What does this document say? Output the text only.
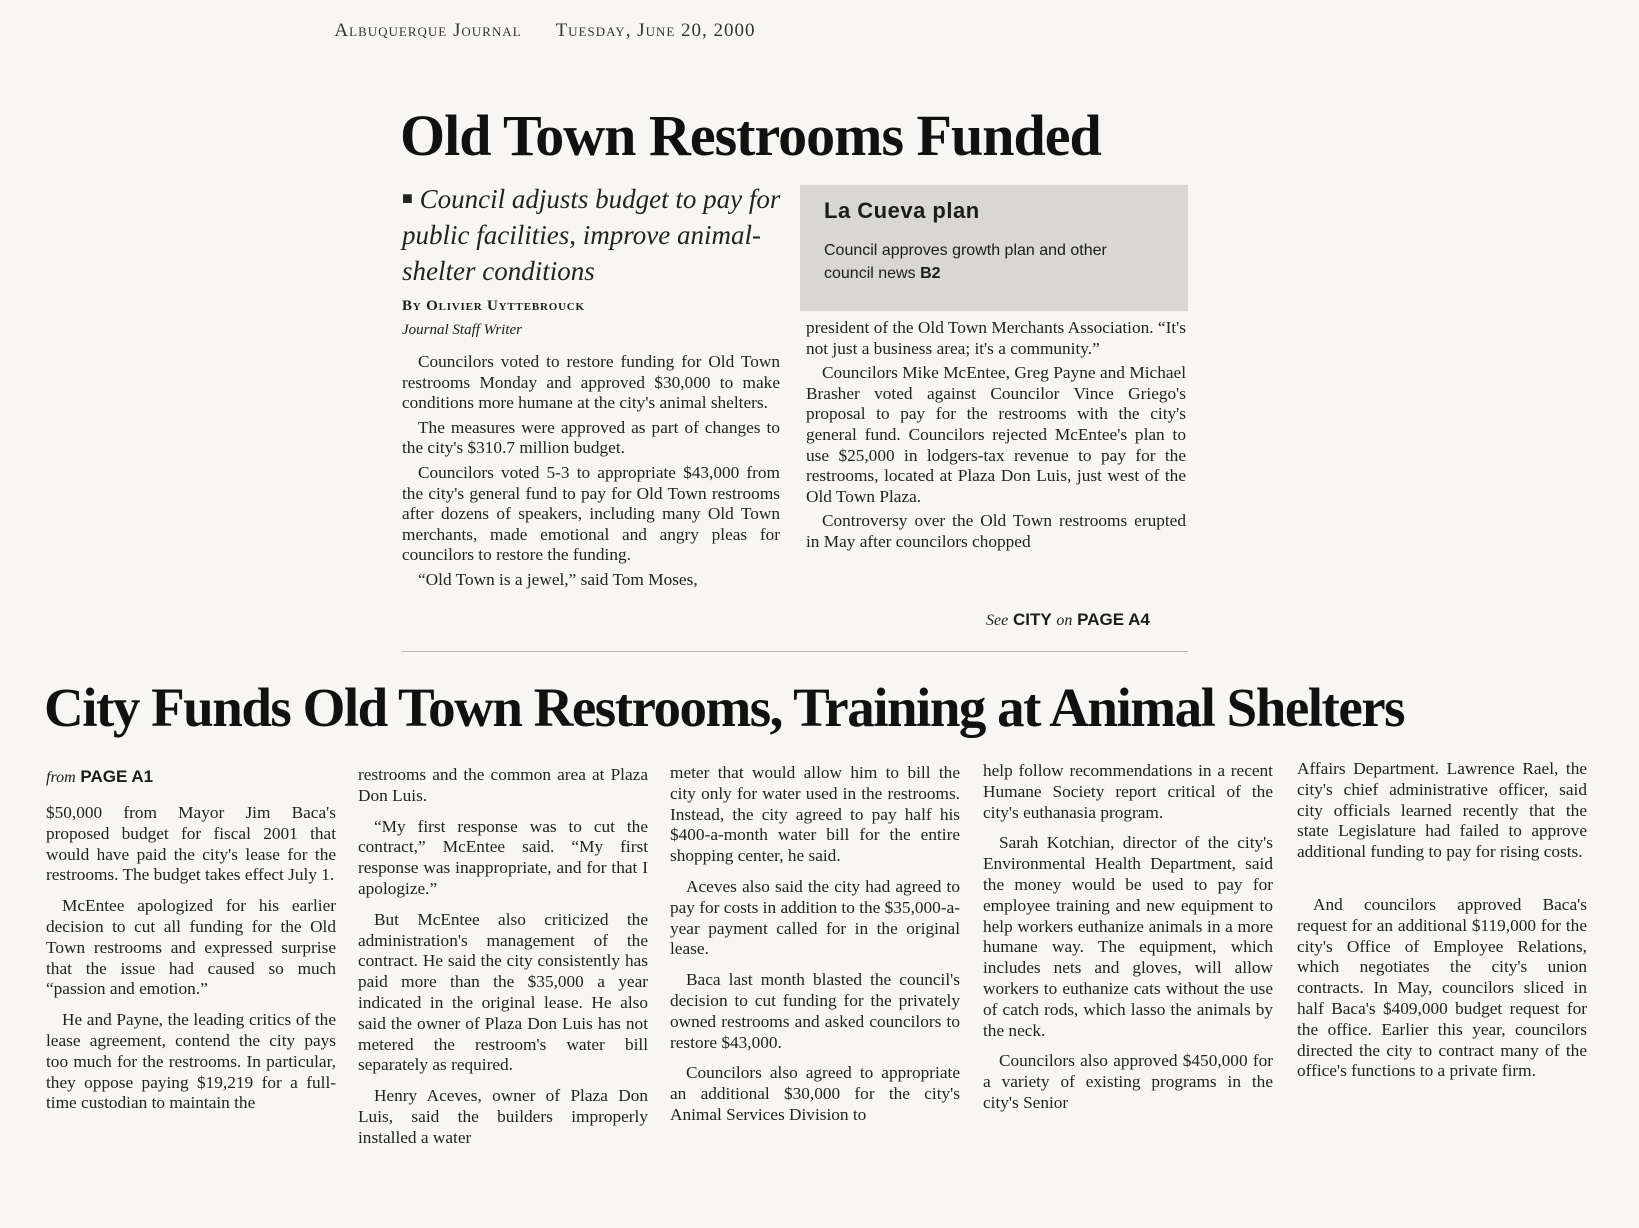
Albuquerque Journal Tuesday, June 20, 2000
Old Town Restrooms Funded
■ Council adjusts budget to pay for public facilities, improve animal-shelter conditions
By Olivier Uyttebrouck
Journal Staff Writer

Councilors voted to restore funding for Old Town restrooms Monday and approved $30,000 to make conditions more humane at the city's animal shelters.

The measures were approved as part of changes to the city's $310.7 million budget.

Councilors voted 5-3 to appropriate $43,000 from the city's general fund to pay for Old Town restrooms after dozens of speakers, including many Old Town merchants, made emotional and angry pleas for councilors to restore the funding.

“Old Town is a jewel,” said Tom Moses,

La Cueva plan
Council approves growth plan and other council news B2

president of the Old Town Merchants Association. “It's not just a business area; it's a community.”

Councilors Mike McEntee, Greg Payne and Michael Brasher voted against Councilor Vince Griego's proposal to pay for the restrooms with the city's general fund. Councilors rejected McEntee's plan to use $25,000 in lodgers-tax revenue to pay for the restrooms, located at Plaza Don Luis, just west of the Old Town Plaza.

Controversy over the Old Town restrooms erupted in May after councilors chopped

See CITY on PAGE A4
City Funds Old Town Restrooms, Training at Animal Shelters
from PAGE A1

$50,000 from Mayor Jim Baca's proposed budget for fiscal 2001 that would have paid the city's lease for the restrooms. The budget takes effect July 1.

McEntee apologized for his earlier decision to cut all funding for the Old Town restrooms and expressed surprise that the issue had caused so much “passion and emotion.”

He and Payne, the leading critics of the lease agreement, contend the city pays too much for the restrooms. In particular, they oppose paying $19,219 for a full-time custodian to maintain the

restrooms and the common area at Plaza Don Luis.

“My first response was to cut the contract,” McEntee said. “My first response was inappropriate, and for that I apologize.”

But McEntee also criticized the administration's management of the contract. He said the city consistently has paid more than the $35,000 a year indicated in the original lease. He also said the owner of Plaza Don Luis has not metered the restroom's water bill separately as required.

Henry Aceves, owner of Plaza Don Luis, said the builders improperly installed a water

meter that would allow him to bill the city only for water used in the restrooms. Instead, the city agreed to pay half his $400-a-month water bill for the entire shopping center, he said.

Aceves also said the city had agreed to pay for costs in addition to the $35,000-a-year payment called for in the original lease.

Baca last month blasted the council's decision to cut funding for the privately owned restrooms and asked councilors to restore $43,000.

Councilors also agreed to appropriate an additional $30,000 for the city's Animal Services Division to

help follow recommendations in a recent Humane Society report critical of the city's euthanasia program.

Sarah Kotchian, director of the city's Environmental Health Department, said the money would be used to pay for employee training and new equipment to help workers euthanize animals in a more humane way. The equipment, which includes nets and gloves, will allow workers to euthanize cats without the use of catch rods, which lasso the animals by the neck.

Councilors also approved $450,000 for a variety of existing programs in the city's Senior

Affairs Department. Lawrence Rael, the city's chief administrative officer, said city officials learned recently that the state Legislature had failed to approve additional funding to pay for rising costs.

And councilors approved Baca's request for an additional $119,000 for the city's Office of Employee Relations, which negotiates the city's union contracts. In May, councilors sliced in half Baca's $409,000 budget request for the office. Earlier this year, councilors directed the city to contract many of the office's functions to a private firm.
